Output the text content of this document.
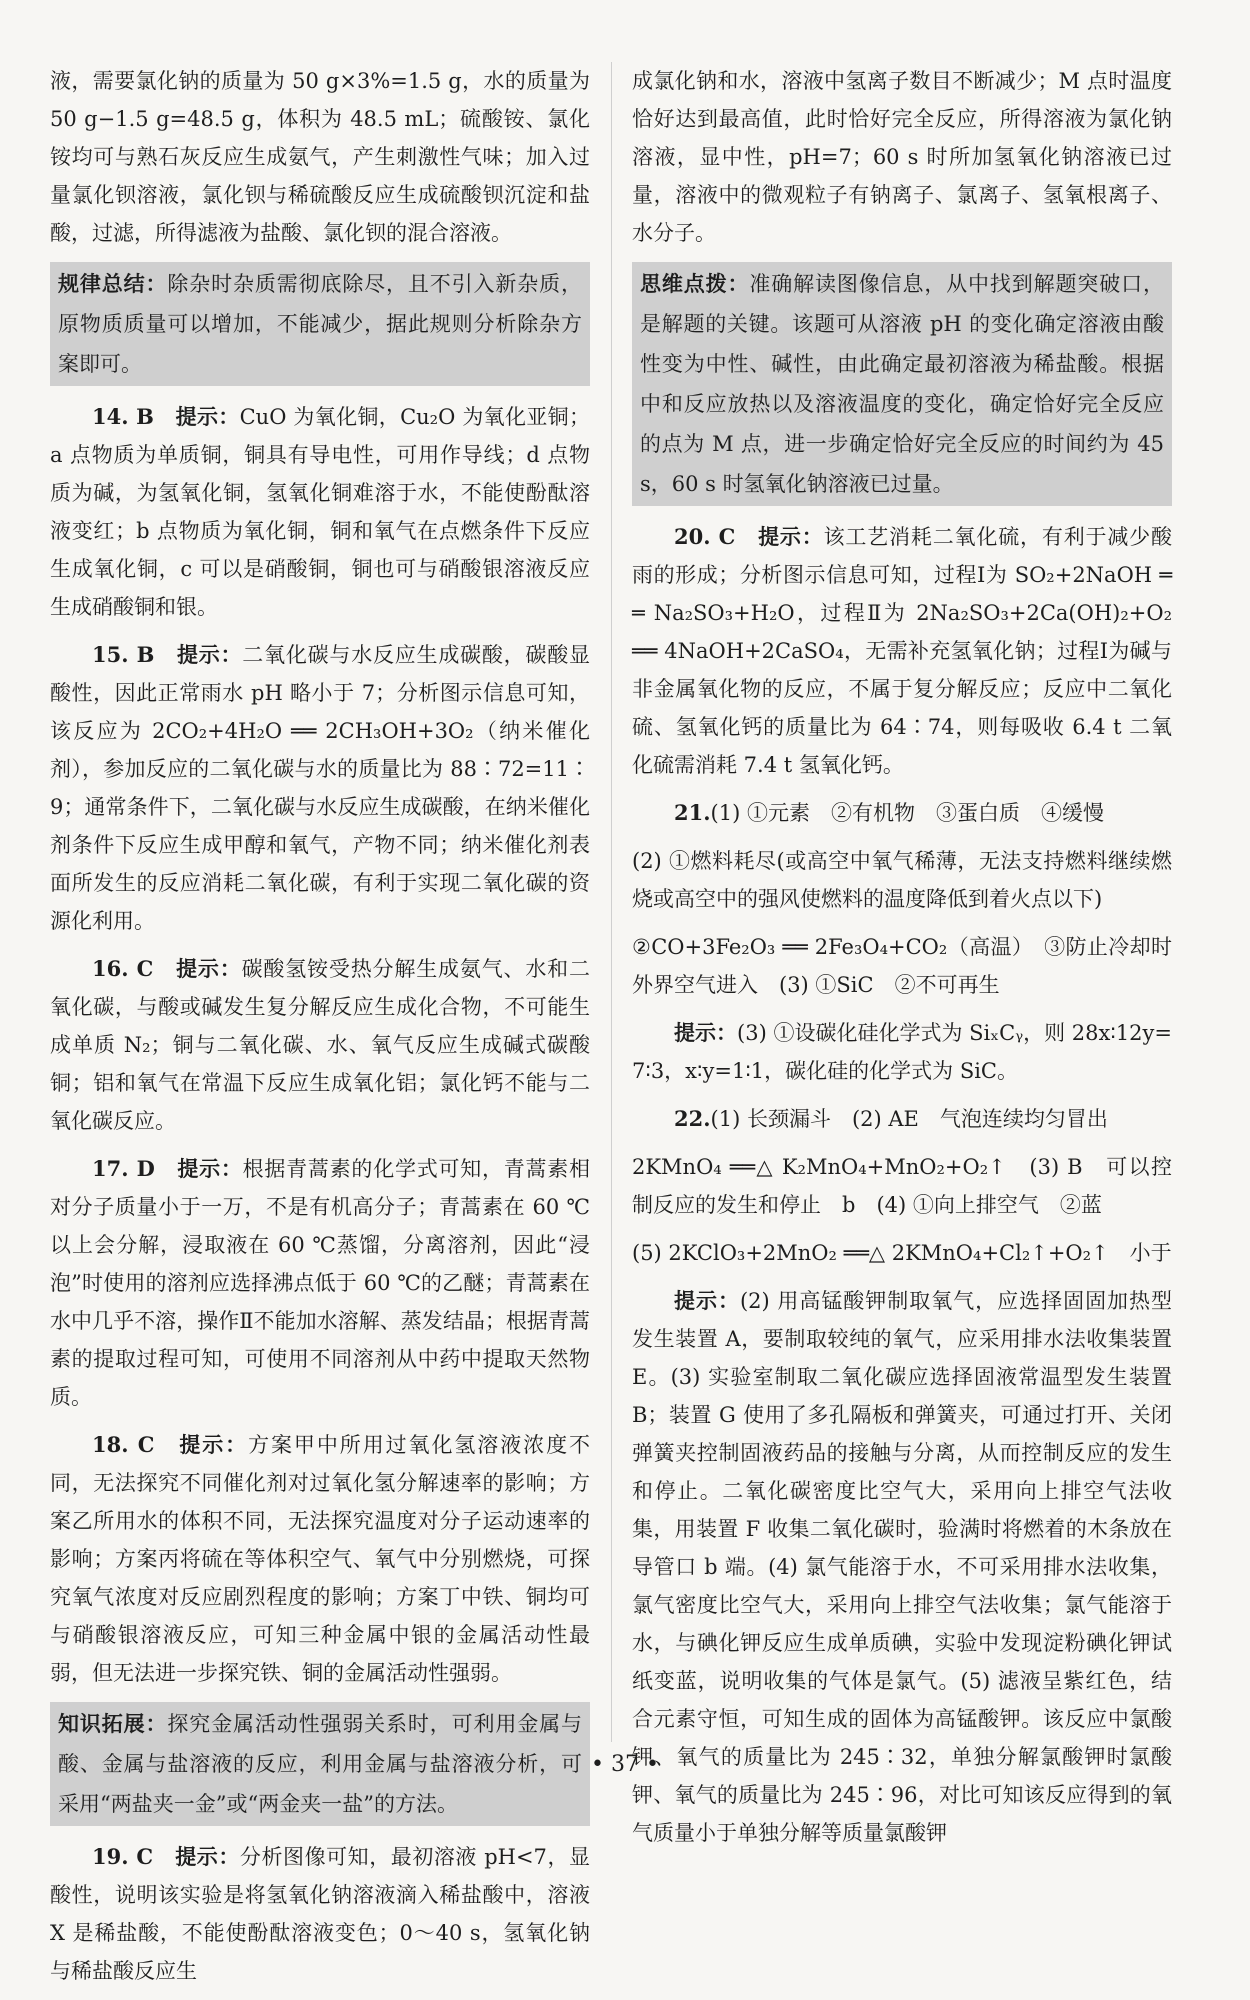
液，需要氯化钠的质量为 50 g×3%=1.5 g，水的质量为 50 g−1.5 g=48.5 g，体积为 48.5 mL；硫酸铵、氯化铵均可与熟石灰反应生成氨气，产生刺激性气味；加入过量氯化钡溶液，氯化钡与稀硫酸反应生成硫酸钡沉淀和盐酸，过滤，所得滤液为盐酸、氯化钡的混合溶液。

规律总结：除杂时杂质需彻底除尽，且不引入新杂质，原物质质量可以增加，不能减少，据此规则分析除杂方案即可。

14. B　 提示：CuO 为氧化铜，Cu₂O 为氧化亚铜；a 点物质为单质铜，铜具有导电性，可用作导线；d 点物质为碱，为氢氧化铜，氢氧化铜难溶于水，不能使酚酞溶液变红；b 点物质为氧化铜，铜和氧气在点燃条件下反应生成氧化铜，c 可以是硝酸铜，铜也可与硝酸银溶液反应生成硝酸铜和银。

15. B　 提示：二氧化碳与水反应生成碳酸，碳酸显酸性，因此正常雨水 pH 略小于 7；分析图示信息可知，该反应为 2CO₂+4H₂O ══ 2CH₃OH+3O₂（纳米催化剂），参加反应的二氧化碳与水的质量比为 88∶72=11∶9；通常条件下，二氧化碳与水反应生成碳酸，在纳米催化剂条件下反应生成甲醇和氧气，产物不同；纳米催化剂表面所发生的反应消耗二氧化碳，有利于实现二氧化碳的资源化利用。

16. C　 提示：碳酸氢铵受热分解生成氨气、水和二氧化碳，与酸或碱发生复分解反应生成化合物，不可能生成单质 N₂；铜与二氧化碳、水、氧气反应生成碱式碳酸铜；铝和氧气在常温下反应生成氧化铝；氯化钙不能与二氧化碳反应。

17. D　 提示：根据青蒿素的化学式可知，青蒿素相对分子质量小于一万，不是有机高分子；青蒿素在 60 ℃以上会分解，浸取液在 60 ℃蒸馏，分离溶剂，因此“浸泡”时使用的溶剂应选择沸点低于 60 ℃的乙醚；青蒿素在水中几乎不溶，操作Ⅱ不能加水溶解、蒸发结晶；根据青蒿素的提取过程可知，可使用不同溶剂从中药中提取天然物质。

18. C　 提示：方案甲中所用过氧化氢溶液浓度不同，无法探究不同催化剂对过氧化氢分解速率的影响；方案乙所用水的体积不同，无法探究温度对分子运动速率的影响；方案丙将硫在等体积空气、氧气中分别燃烧，可探究氧气浓度对反应剧烈程度的影响；方案丁中铁、铜均可与硝酸银溶液反应，可知三种金属中银的金属活动性最弱，但无法进一步探究铁、铜的金属活动性强弱。

知识拓展：探究金属活动性强弱关系时，可利用金属与酸、金属与盐溶液的反应，利用金属与盐溶液分析，可采用“两盐夹一金”或“两金夹一盐”的方法。

19. C　 提示：分析图像可知，最初溶液 pH<7，显酸性，说明该实验是将氢氧化钠溶液滴入稀盐酸中，溶液 X 是稀盐酸，不能使酚酞溶液变色；0～40 s，氢氧化钠与稀盐酸反应生

成氯化钠和水，溶液中氢离子数目不断减少；M 点时温度恰好达到最高值，此时恰好完全反应，所得溶液为氯化钠溶液，显中性，pH=7；60 s 时所加氢氧化钠溶液已过量，溶液中的微观粒子有钠离子、氯离子、氢氧根离子、水分子。

思维点拨：准确解读图像信息，从中找到解题突破口，是解题的关键。该题可从溶液 pH 的变化确定溶液由酸性变为中性、碱性，由此确定最初溶液为稀盐酸。根据中和反应放热以及溶液温度的变化，确定恰好完全反应的点为 M 点，进一步确定恰好完全反应的时间约为 45 s，60 s 时氢氧化钠溶液已过量。

20. C　 提示：该工艺消耗二氧化硫，有利于减少酸雨的形成；分析图示信息可知，过程Ⅰ为 SO₂+2NaOH ══ Na₂SO₃+H₂O，过程Ⅱ为 2Na₂SO₃+2Ca(OH)₂+O₂ ══ 4NaOH+2CaSO₄，无需补充氢氧化钠；过程Ⅰ为碱与非金属氧化物的反应，不属于复分解反应；反应中二氧化硫、氢氧化钙的质量比为 64∶74，则每吸收 6.4 t 二氧化硫需消耗 7.4 t 氢氧化钙。

21.(1) ①元素　②有机物　③蛋白质　④缓慢

(2) ①燃料耗尽(或高空中氧气稀薄，无法支持燃料继续燃烧或高空中的强风使燃料的温度降低到着火点以下)

②CO+3Fe₂O₃ ══ 2Fe₃O₄+CO₂（高温）　③防止冷却时外界空气进入　(3) ①SiC　②不可再生

提示：(3) ①设碳化硅化学式为 SiₓCᵧ，则 28x∶12y=7∶3，x∶y=1∶1，碳化硅的化学式为 SiC。

22.(1) 长颈漏斗　(2) AE　气泡连续均匀冒出

2KMnO₄ ══△ K₂MnO₄+MnO₂+O₂↑　(3) B　可以控制反应的发生和停止　b　(4) ①向上排空气　②蓝

(5) 2KClO₃+2MnO₂ ══△ 2KMnO₄+Cl₂↑+O₂↑　小于

提示：(2) 用高锰酸钾制取氧气，应选择固固加热型发生装置 A，要制取较纯的氧气，应采用排水法收集装置 E。(3) 实验室制取二氧化碳应选择固液常温型发生装置 B；装置 G 使用了多孔隔板和弹簧夹，可通过打开、关闭弹簧夹控制固液药品的接触与分离，从而控制反应的发生和停止。二氧化碳密度比空气大，采用向上排空气法收集，用装置 F 收集二氧化碳时，验满时将燃着的木条放在导管口 b 端。(4) 氯气能溶于水，不可采用排水法收集，氯气密度比空气大，采用向上排空气法收集；氯气能溶于水，与碘化钾反应生成单质碘，实验中发现淀粉碘化钾试纸变蓝，说明收集的气体是氯气。(5) 滤液呈紫红色，结合元素守恒，可知生成的固体为高锰酸钾。该反应中氯酸钾、氧气的质量比为 245∶32，单独分解氯酸钾时氯酸钾、氧气的质量比为 245∶96，对比可知该反应得到的氧气质量小于单独分解等质量氯酸钾

• 37 •
